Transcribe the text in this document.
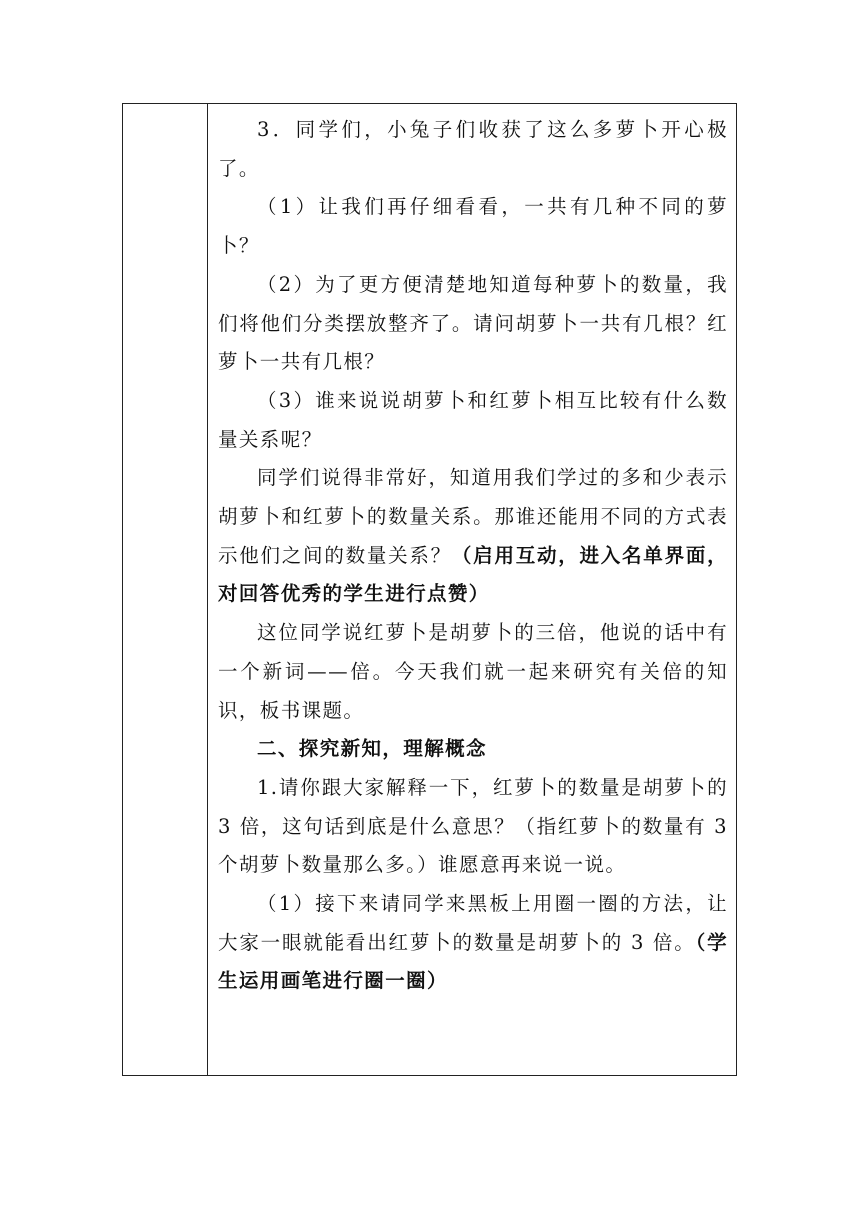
3．同学们，小兔子们收获了这么多萝卜开心极了。

（1）让我们再仔细看看，一共有几种不同的萝卜？

（2）为了更方便清楚地知道每种萝卜的数量，我们将他们分类摆放整齐了。请问胡萝卜一共有几根？红萝卜一共有几根？

（3）谁来说说胡萝卜和红萝卜相互比较有什么数量关系呢？

同学们说得非常好，知道用我们学过的多和少表示胡萝卜和红萝卜的数量关系。那谁还能用不同的方式表示他们之间的数量关系？（启用互动，进入名单界面，对回答优秀的学生进行点赞）

这位同学说红萝卜是胡萝卜的三倍，他说的话中有一个新词——倍。今天我们就一起来研究有关倍的知识，板书课题。

二、探究新知，理解概念

1.请你跟大家解释一下，红萝卜的数量是胡萝卜的 3 倍，这句话到底是什么意思？（指红萝卜的数量有 3 个胡萝卜数量那么多。）谁愿意再来说一说。

（1）接下来请同学来黑板上用圈一圈的方法，让大家一眼就能看出红萝卜的数量是胡萝卜的 3 倍。（学生运用画笔进行圈一圈）
